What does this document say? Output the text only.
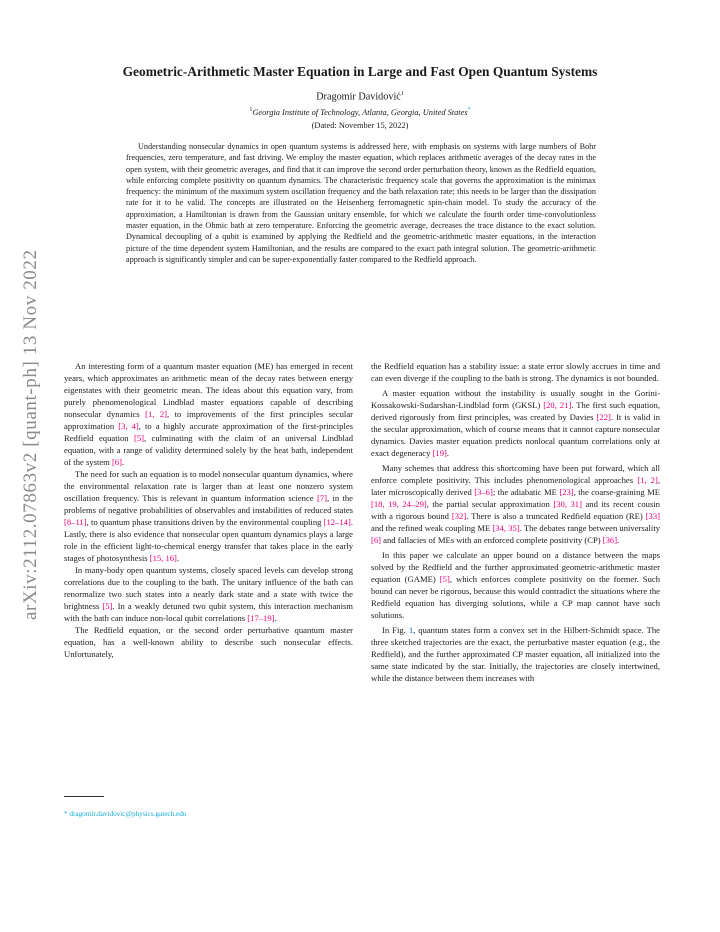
arXiv:2112.07863v2 [quant-ph] 13 Nov 2022
Geometric-Arithmetic Master Equation in Large and Fast Open Quantum Systems
Dragomir Davidović$^1$
$^1$Georgia Institute of Technology, Atlanta, Georgia, United States*
(Dated: November 15, 2022)

Understanding nonsecular dynamics in open quantum systems is addressed here, with emphasis on systems with large numbers of Bohr frequencies, zero temperature, and fast driving. We employ the master equation, which replaces arithmetic averages of the decay rates in the open system, with their geometric averages, and find that it can improve the second order perturbation theory, known as the Redfield equation, while enforcing complete positivity on quantum dynamics. The characteristic frequency scale that governs the approximation is the minimax frequency: the minimum of the maximum system oscillation frequency and the bath relaxation rate; this needs to be larger than the dissipation rate for it to be valid. The concepts are illustrated on the Heisenberg ferromagnetic spin-chain model. To study the accuracy of the approximation, a Hamiltonian is drawn from the Gaussian unitary ensemble, for which we calculate the fourth order time-convolutionless master equation, in the Ohmic bath at zero temperature. Enforcing the geometric average, decreases the trace distance to the exact solution. Dynamical decoupling of a qubit is examined by applying the Redfield and the geometric-arithmetic master equations, in the interaction picture of the time dependent system Hamiltonian, and the results are compared to the exact path integral solution. The geometric-arithmetic approach is significantly simpler and can be super-exponentially faster compared to the Redfield approach.

An interesting form of a quantum master equation (ME) has emerged in recent years, which approximates an arithmetic mean of the decay rates between energy eigenstates with their geometric mean. The ideas about this equation vary, from purely phenomenological Lindblad master equations capable of describing nonsecular dynamics [1, 2], to improvements of the first principles secular approximation [3, 4], to a highly accurate approximation of the first-principles Redfield equation [5], culminating with the claim of an universal Lindblad equation, with a range of validity determined solely by the heat bath, independent of the system [6].

The need for such an equation is to model nonsecular quantum dynamics, where the environmental relaxation rate is larger than at least one nonzero system oscillation frequency. This is relevant in quantum information science [7], in the problems of negative probabilities of observables and instabilities of reduced states [8–11], to quantum phase transitions driven by the environmental coupling [12–14]. Lastly, there is also evidence that nonsecular open quantum dynamics plays a large role in the efficient light-to-chemical energy transfer that takes place in the early stages of photosynthesis [15, 16].

In many-body open quantum systems, closely spaced levels can develop strong correlations due to the coupling to the bath. The unitary influence of the bath can renormalize two such states into a nearly dark state and a state with twice the brightness [5]. In a weakly detuned two qubit system, this interaction mechanism with the bath can induce non-local qubit correlations [17–19].

The Redfield equation, or the second order perturbative quantum master equation, has a well-known ability to describe such nonsecular effects. Unfortunately,

the Redfield equation has a stability issue: a state error slowly accrues in time and can even diverge if the coupling to the bath is strong. The dynamics is not bounded.

A master equation without the instability is usually sought in the Gorini-Kossakowski-Sudarshan-Lindblad form (GKSL) [20, 21]. The first such equation, derived rigorously from first principles, was created by Davies [22]. It is valid in the secular approximation, which of course means that it cannot capture nonsecular dynamics. Davies master equation predicts nonlocal quantum correlations only at exact degeneracy [19].

Many schemes that address this shortcoming have been put forward, which all enforce complete positivity. This includes phenomenological approaches [1, 2], later microscopically derived [3–6]; the adiabatic ME [23], the coarse-graining ME [18, 19, 24–29], the partial secular approximation [30, 31] and its recent cousin with a rigorous bound [32]. There is also a truncated Redfield equation (RE) [33] and the refined weak coupling ME [34, 35]. The debates range between universality [6] and fallacies of MEs with an enforced complete positivity (CP) [36].

In this paper we calculate an upper bound on a distance between the maps solved by the Redfield and the further approximated geometric-arithmetic master equation (GAME) [5], which enforces complete positivity on the former. Such bound can never be rigorous, because this would contradict the situations where the Redfield equation has diverging solutions, while a CP map cannot have such solutions.

In Fig. 1, quantum states form a convex set in the Hilbert-Schmidt space. The three sketched trajectories are the exact, the perturbative master equation (e.g., the Redfield), and the further approximated CP master equation, all initialized into the same state indicated by the star. Initially, the trajectories are closely intertwined, while the distance between them increases with

* dragomir.davidovic@physics.gatech.edu
